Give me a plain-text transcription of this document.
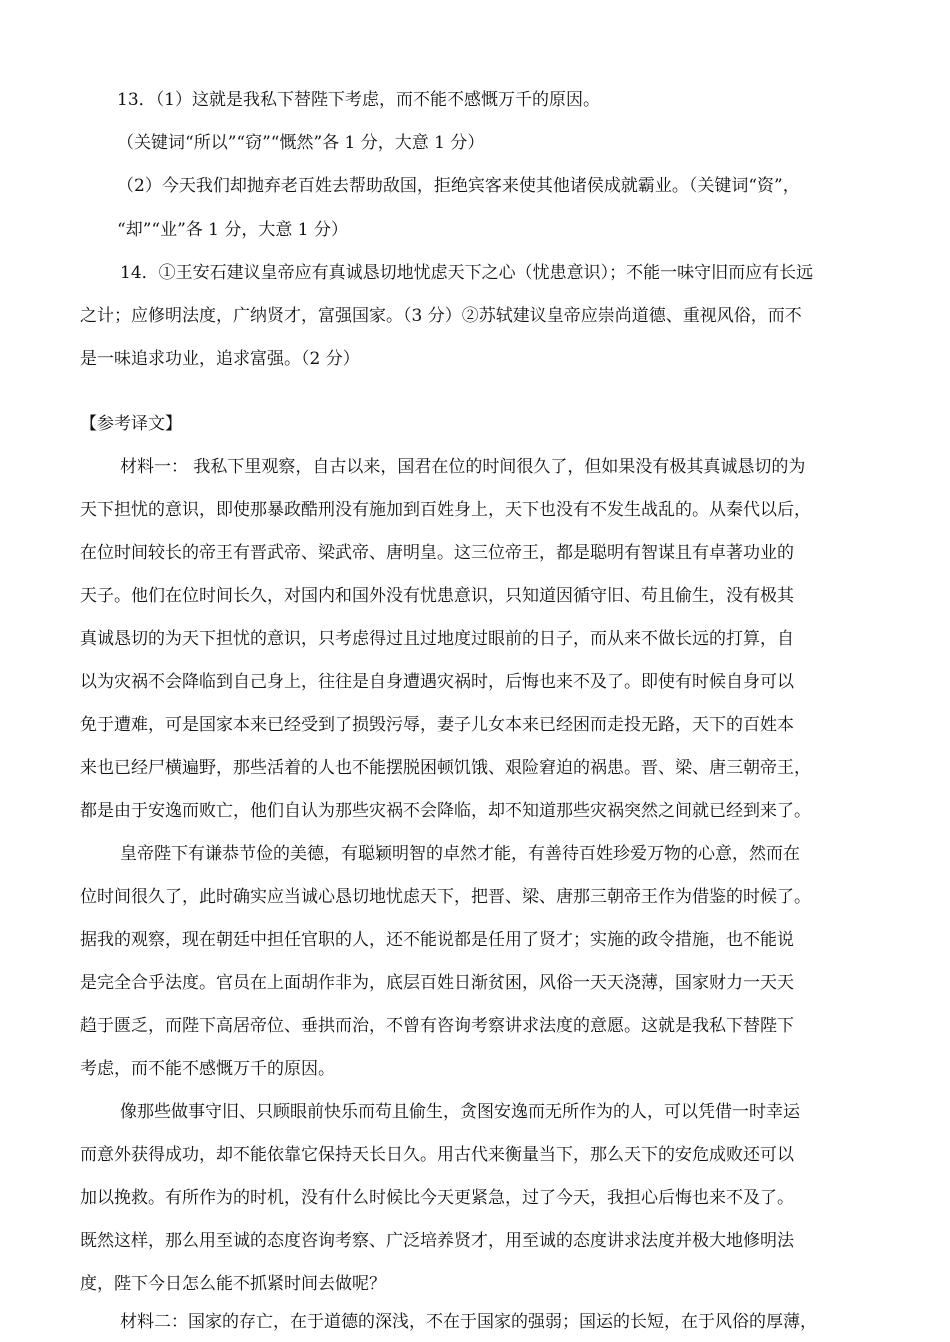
13．（1）这就是我私下替陛下考虑，而不能不感慨万千的原因。
（关键词“所以”“窃”“慨然”各 1 分，大意 1 分）
（2）今天我们却抛弃老百姓去帮助敌国，拒绝宾客来使其他诸侯成就霸业。（关键词“资”，
“却”“业”各 1 分，大意 1 分）
14．①王安石建议皇帝应有真诚恳切地忧虑天下之心（忧患意识）；不能一味守旧而应有长远
之计；应修明法度，广纳贤才，富强国家。（3 分）②苏轼建议皇帝应崇尚道德、重视风俗，而不
是一味追求功业，追求富强。（2 分）
【参考译文】
材料一： 我私下里观察，自古以来，国君在位的时间很久了，但如果没有极其真诚恳切的为
天下担忧的意识，即使那暴政酷刑没有施加到百姓身上，天下也没有不发生战乱的。从秦代以后，
在位时间较长的帝王有晋武帝、梁武帝、唐明皇。这三位帝王，都是聪明有智谋且有卓著功业的
天子。他们在位时间长久，对国内和国外没有忧患意识，只知道因循守旧、苟且偷生，没有极其
真诚恳切的为天下担忧的意识，只考虑得过且过地度过眼前的日子，而从来不做长远的打算，自
以为灾祸不会降临到自己身上，往往是自身遭遇灾祸时，后悔也来不及了。即使有时候自身可以
免于遭难，可是国家本来已经受到了损毁污辱，妻子儿女本来已经困而走投无路，天下的百姓本
来也已经尸横遍野，那些活着的人也不能摆脱困顿饥饿、艰险窘迫的祸患。晋、梁、唐三朝帝王，
都是由于安逸而败亡，他们自认为那些灾祸不会降临，却不知道那些灾祸突然之间就已经到来了。
皇帝陛下有谦恭节俭的美德，有聪颖明智的卓然才能，有善待百姓珍爱万物的心意，然而在
位时间很久了，此时确实应当诚心恳切地忧虑天下，把晋、梁、唐那三朝帝王作为借鉴的时候了。
据我的观察，现在朝廷中担任官职的人，还不能说都是任用了贤才；实施的政令措施，也不能说
是完全合乎法度。官员在上面胡作非为，底层百姓日渐贫困，风俗一天天浇薄，国家财力一天天
趋于匮乏，而陛下高居帝位、垂拱而治，不曾有咨询考察讲求法度的意愿。这就是我私下替陛下
考虑，而不能不感慨万千的原因。
像那些做事守旧、只顾眼前快乐而苟且偷生，贪图安逸而无所作为的人，可以凭借一时幸运
而意外获得成功，却不能依靠它保持天长日久。用古代来衡量当下，那么天下的安危成败还可以
加以挽救。有所作为的时机，没有什么时候比今天更紧急，过了今天，我担心后悔也来不及了。
既然这样，那么用至诚的态度咨询考察、广泛培养贤才，用至诚的态度讲求法度并极大地修明法
度，陛下今日怎么能不抓紧时间去做呢？
材料二：国家的存亡，在于道德的深浅，不在于国家的强弱；国运的长短，在于风俗的厚薄，
